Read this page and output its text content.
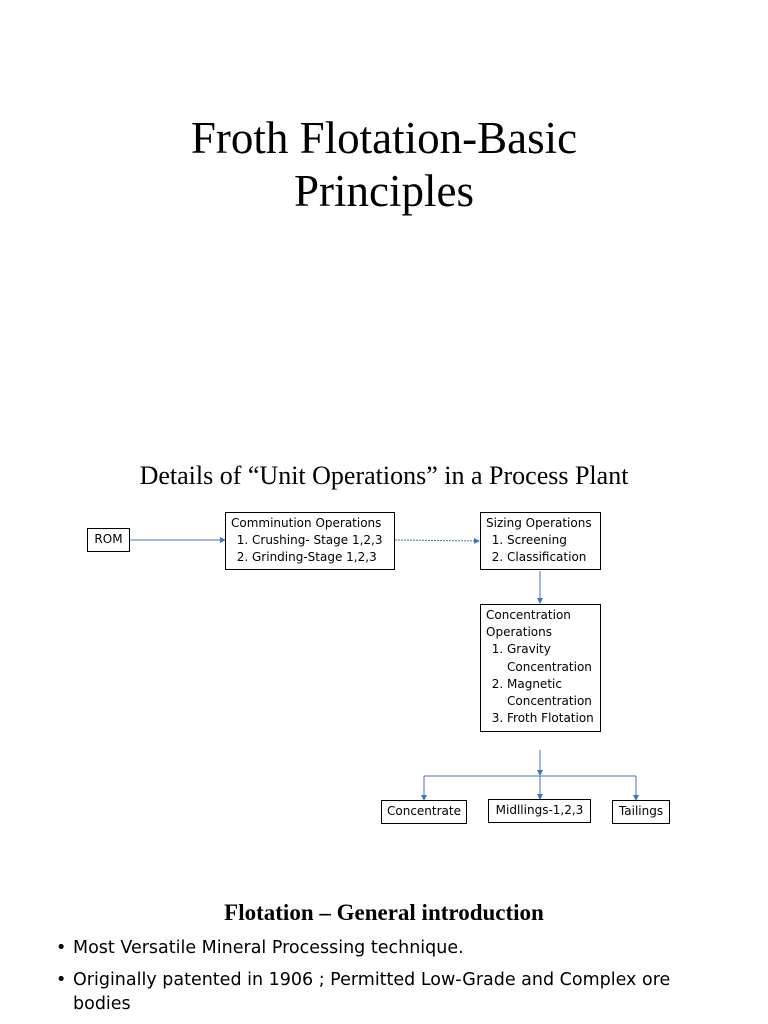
Froth Flotation-Basic
Principles
Details of “Unit Operations” in a Process Plant
ROM
Comminution Operations
1. Crushing- Stage 1,2,3
2. Grinding-Stage 1,2,3
Sizing Operations
1. Screening
2. Classification
Concentration
Operations
1. Gravity
Concentration
2. Magnetic
Concentration
3. Froth Flotation
Concentrate	Midllings-1,2,3	Tailings
Flotation – General introduction
• Most Versatile Mineral Processing technique.
• Originally patented in 1906 ; Permitted Low-Grade and Complex ore
bodies
